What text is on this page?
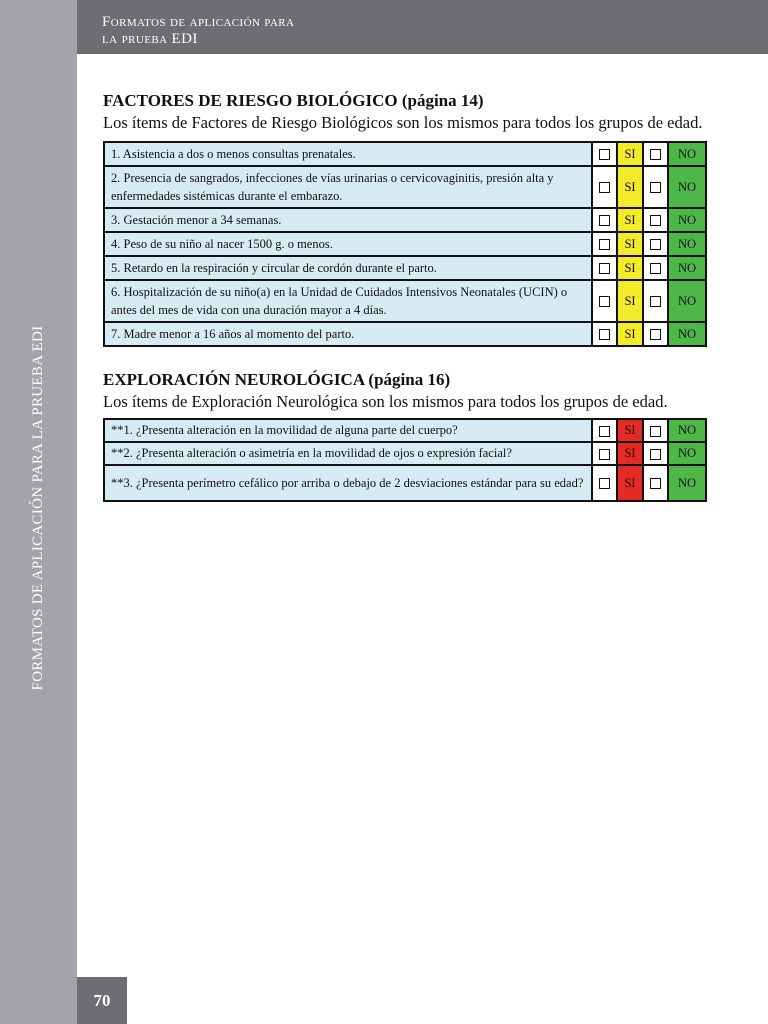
FORMATOS DE APLICACIÓN PARA LA PRUEBA EDI
70
Formatos de aplicación para
la prueba EDI
FACTORES DE RIESGO BIOLÓGICO (página 14)

Los ítems de Factores de Riesgo Biológicos son los mismos para todos los grupos de edad.

1. Asistencia a dos o menos consultas prenatales.		SI		NO
2. Presencia de sangrados, infecciones de vías urinarias o cervicovaginitis, presión alta y enfermedades sistémicas durante el embarazo.		SI		NO
3. Gestación menor a 34 semanas.		SI		NO
4. Peso de su niño al nacer 1500 g. o menos.		SI		NO
5. Retardo en la respiración y circular de cordón durante el parto.		SI		NO
6. Hospitalización de su niño(a) en la Unidad de Cuidados Intensivos Neonatales (UCIN) o antes del mes de vida con una duración mayor a 4 días.		SI		NO
7. Madre menor a 16 años al momento del parto.		SI		NO
EXPLORACIÓN NEUROLÓGICA (página 16)

Los ítems de Exploración Neurológica son los mismos para todos los grupos de edad.

**1. ¿Presenta alteración en la movilidad de alguna parte del cuerpo?		SI		NO
**2. ¿Presenta alteración o asimetría en la movilidad de ojos o expresión facial?		SI		NO
**3. ¿Presenta perímetro cefálico por arriba o debajo de 2 desviaciones estándar para su edad?		SI		NO
